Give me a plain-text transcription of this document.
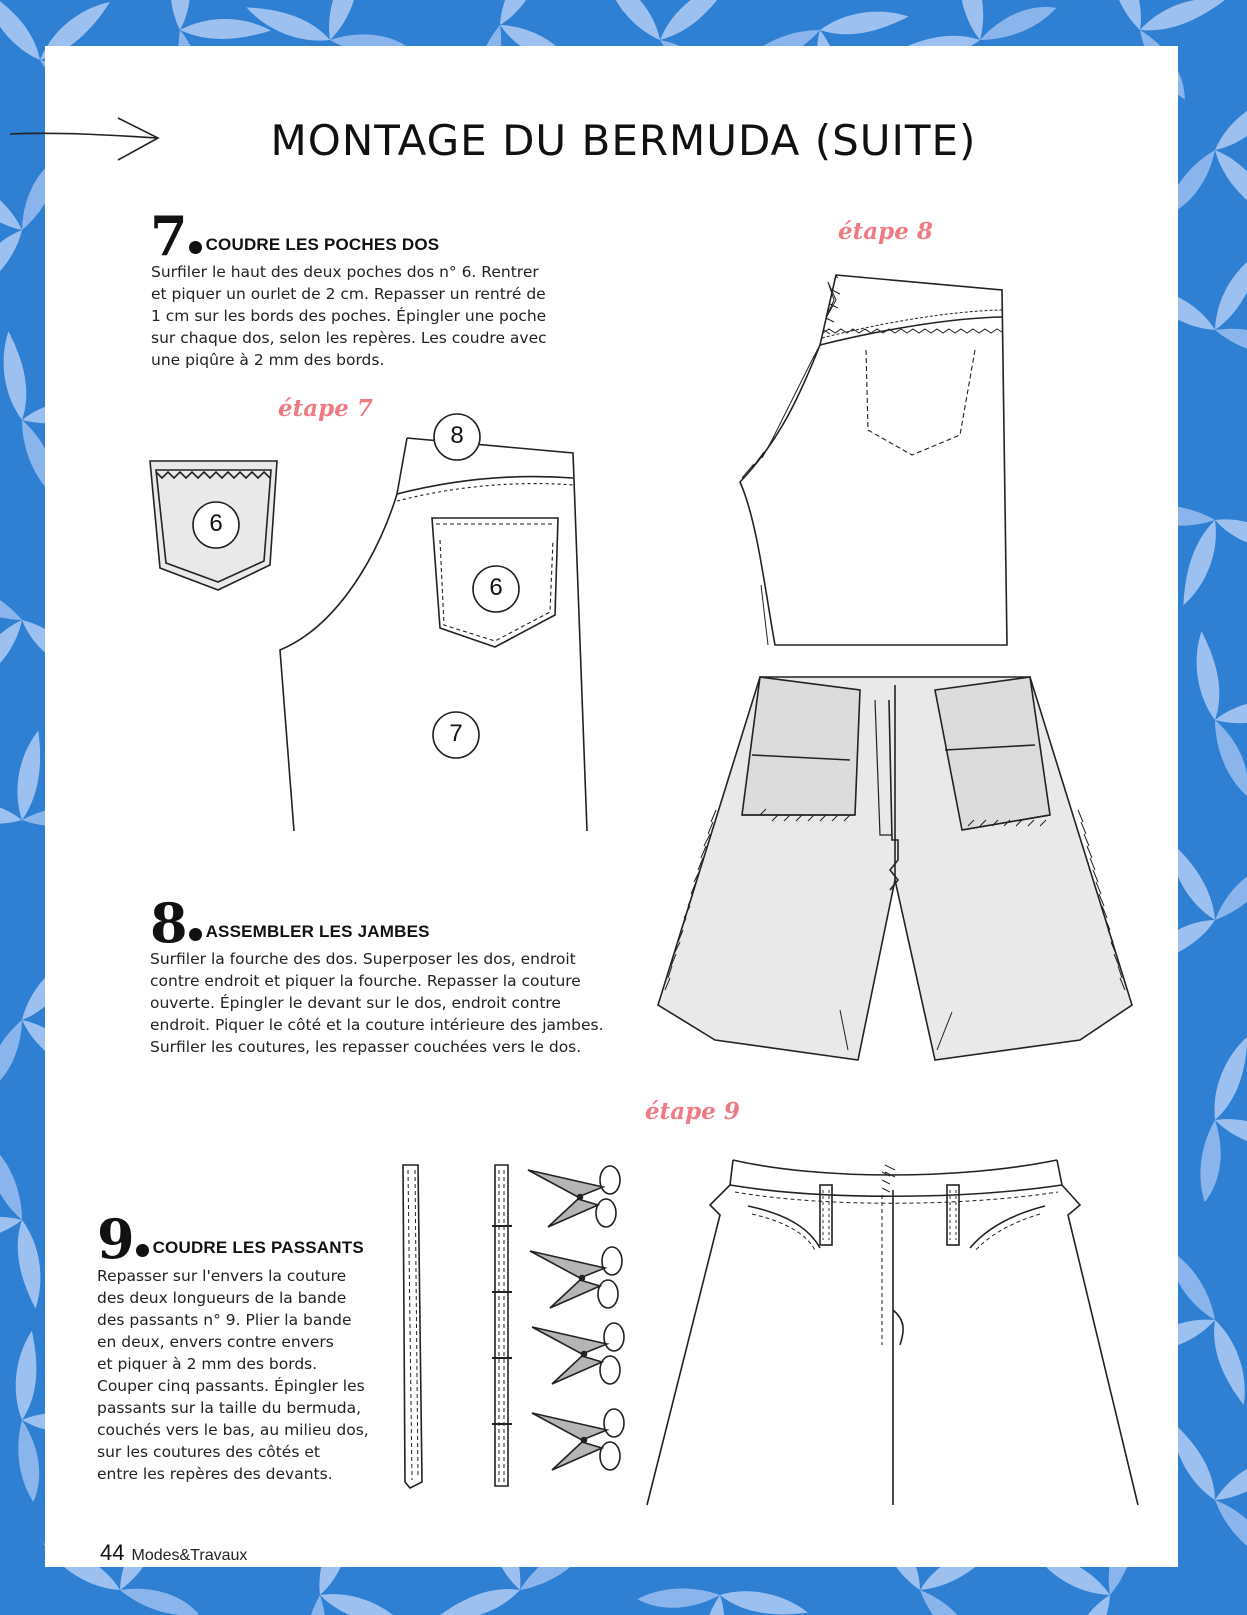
MONTAGE DU BERMUDA (SUITE)
6
8
6
7
étape 7
étape 8
étape 9
7 COUDRE LES POCHES DOS

Surfiler le haut des deux poches dos n° 6. Rentrer
et piquer un ourlet de 2 cm. Repasser un rentré de
1 cm sur les bords des poches. Épingler une poche
sur chaque dos, selon les repères. Les coudre avec
une piqûre à 2 mm des bords.

8 ASSEMBLER LES JAMBES

Surfiler la fourche des dos. Superposer les dos, endroit
contre endroit et piquer la fourche. Repasser la couture
ouverte. Épingler le devant sur le dos, endroit contre
endroit. Piquer le côté et la couture intérieure des jambes.
Surfiler les coutures, les repasser couchées vers le dos.

9 COUDRE LES PASSANTS

Repasser sur l'envers la couture
des deux longueurs de la bande
des passants n° 9. Plier la bande
en deux, envers contre envers
et piquer à 2 mm des bords.
Couper cinq passants. Épingler les
passants sur la taille du bermuda,
couchés vers le bas, au milieu dos,
sur les coutures des côtés et
entre les repères des devants.

44 Modes&Travaux
